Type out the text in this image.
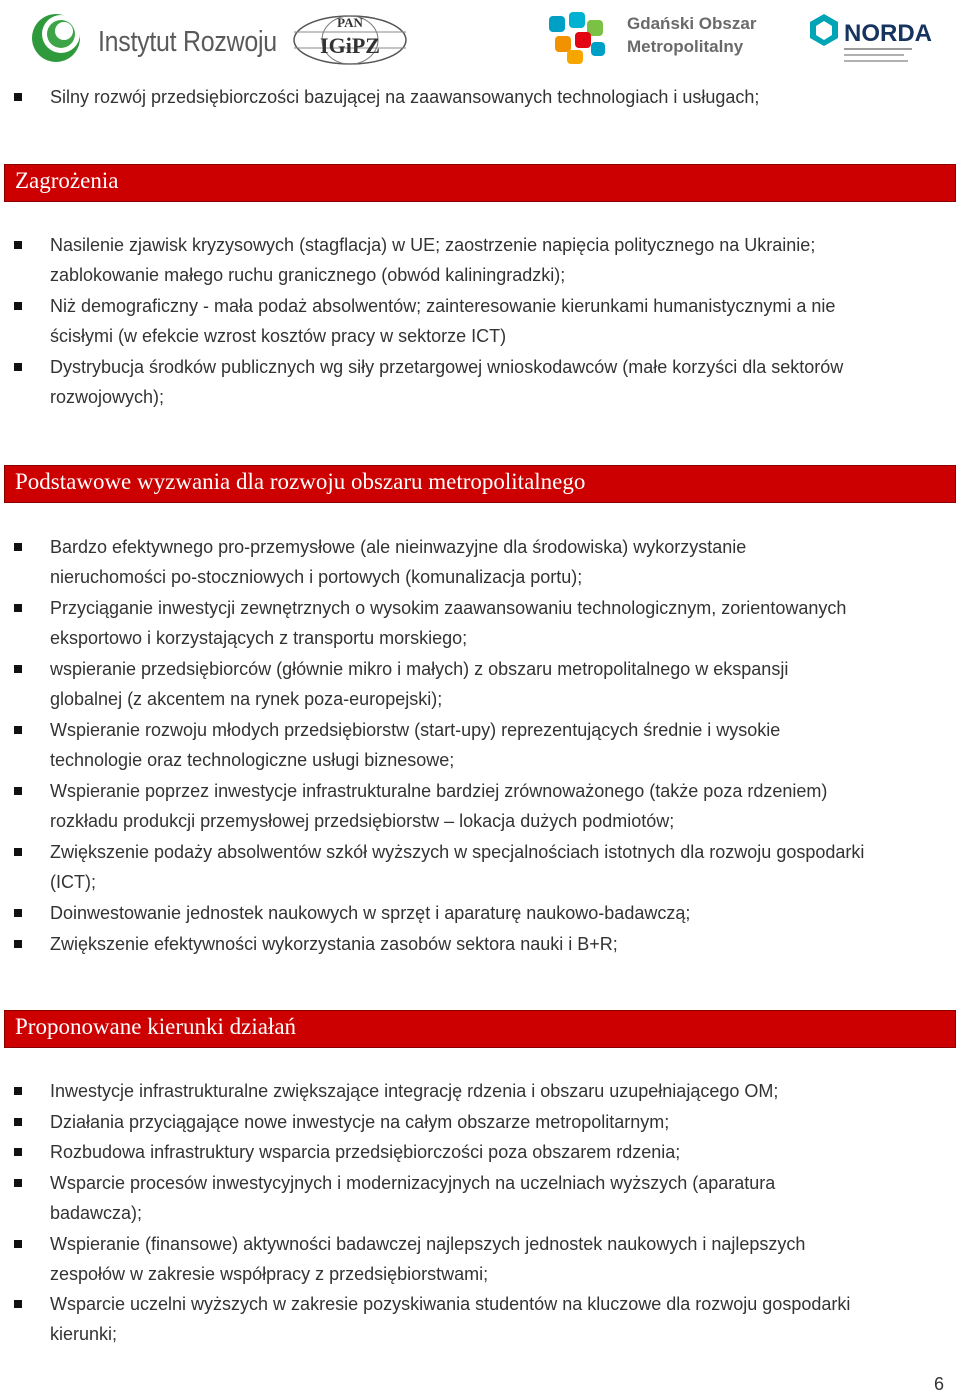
Instytut Rozwoju
PAN
IGiPZ
Gdański Obszar
Metropolitalny	NORDA
Silny rozwój przedsiębiorczości bazującej na zaawansowanych technologiach i usługach;
Zagrożenia
Nasilenie zjawisk kryzysowych (stagflacja) w UE; zaostrzenie napięcia politycznego na Ukrainie;
zablokowanie małego ruchu granicznego (obwód kaliningradzki);
Niż demograficzny - mała podaż absolwentów; zainteresowanie kierunkami humanistycznymi a nie
ścisłymi (w efekcie wzrost kosztów pracy w sektorze ICT)
Dystrybucja środków publicznych wg siły przetargowej wnioskodawców (małe korzyści dla sektorów
rozwojowych);
Podstawowe wyzwania dla rozwoju obszaru metropolitalnego
Bardzo efektywnego pro-przemysłowe (ale nieinwazyjne dla środowiska) wykorzystanie
nieruchomości po-stoczniowych i portowych (komunalizacja portu);
Przyciąganie inwestycji zewnętrznych o wysokim zaawansowaniu technologicznym, zorientowanych
eksportowo i korzystających z transportu morskiego;
wspieranie przedsiębiorców (głównie mikro i małych) z obszaru metropolitalnego w ekspansji
globalnej (z akcentem na rynek poza-europejski);
Wspieranie rozwoju młodych przedsiębiorstw (start-upy) reprezentujących średnie i wysokie
technologie oraz technologiczne usługi biznesowe;
Wspieranie poprzez inwestycje infrastrukturalne bardziej zrównoważonego (także poza rdzeniem)
rozkładu produkcji przemysłowej przedsiębiorstw – lokacja dużych podmiotów;
Zwiększenie podaży absolwentów szkół wyższych w specjalnościach istotnych dla rozwoju gospodarki
(ICT);
Doinwestowanie jednostek naukowych w sprzęt i aparaturę naukowo-badawczą;
Zwiększenie efektywności wykorzystania zasobów sektora nauki i B+R;
Proponowane kierunki działań
Inwestycje infrastrukturalne zwiększające integrację rdzenia i obszaru uzupełniającego OM;
Działania przyciągające nowe inwestycje na całym obszarze metropolitarnym;
Rozbudowa infrastruktury wsparcia przedsiębiorczości poza obszarem rdzenia;
Wsparcie procesów inwestycyjnych i modernizacyjnych na uczelniach wyższych (aparatura
badawcza);
Wspieranie (finansowe) aktywności badawczej najlepszych jednostek naukowych i najlepszych
zespołów w zakresie współpracy z przedsiębiorstwami;
Wsparcie uczelni wyższych w zakresie pozyskiwania studentów na kluczowe dla rozwoju gospodarki
kierunki;
6
